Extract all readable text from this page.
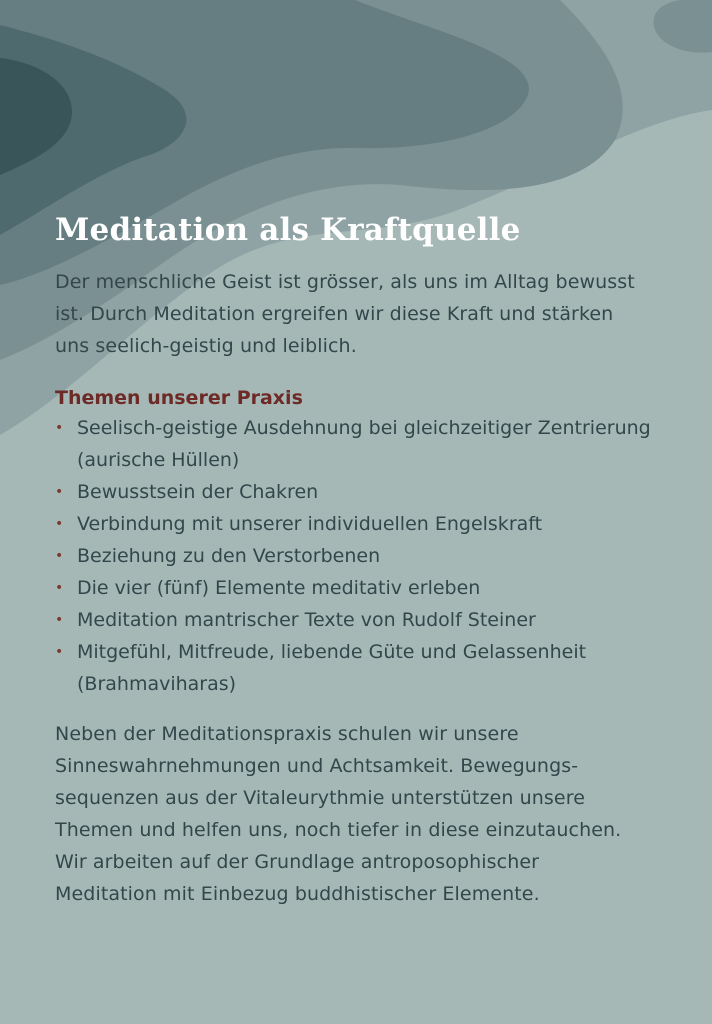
Meditation als Kraftquelle

Der menschliche Geist ist grösser, als uns im Alltag bewusst ist. Durch Meditation ergreifen wir diese Kraft und stärken uns seelich-geistig und leiblich.

Themen unserer Praxis
• Seelisch-geistige Ausdehnung bei gleichzeitiger Zentrierung (aurische Hüllen)
• Bewusstsein der Chakren
• Verbindung mit unserer individuellen Engelskraft
• Beziehung zu den Verstorbenen
• Die vier (fünf) Elemente meditativ erleben
• Meditation mantrischer Texte von Rudolf Steiner
• Mitgefühl, Mitfreude, liebende Güte und Gelassenheit (Brahmaviharas)

Neben der Meditationspraxis schulen wir unsere Sinneswahrnehmungen und Achtsamkeit. Bewegungssequenzen aus der Vitaleurythmie unterstützen unsere Themen und helfen uns, noch tiefer in diese einzutauchen. Wir arbeiten auf der Grundlage antroposophischer Meditation mit Einbezug buddhistischer Elemente.
